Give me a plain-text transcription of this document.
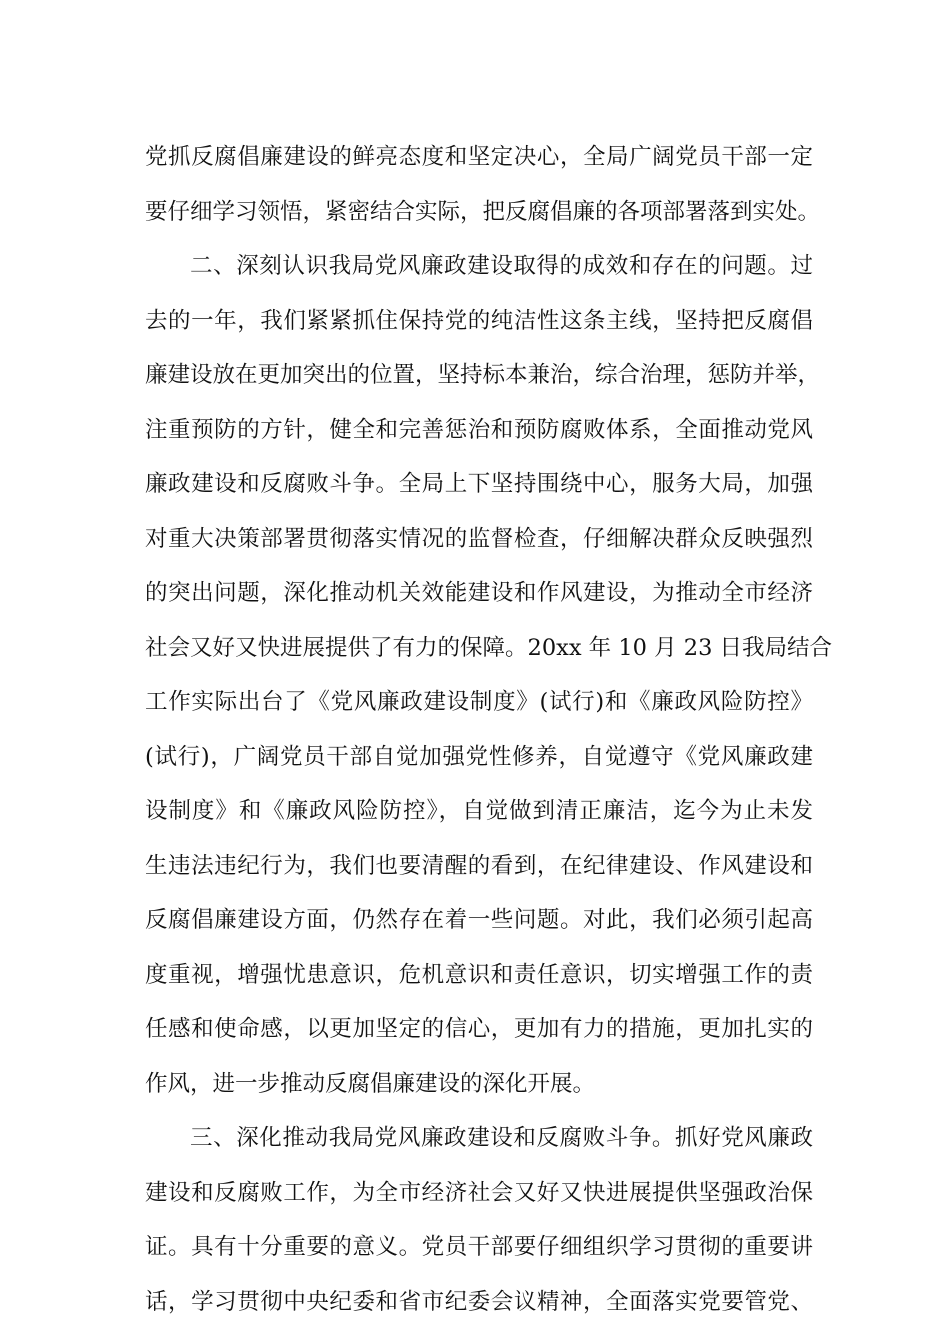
党抓反腐倡廉建设的鲜亮态度和坚定决心，全局广阔党员干部一定
要仔细学习领悟，紧密结合实际，把反腐倡廉的各项部署落到实处。
二、深刻认识我局党风廉政建设取得的成效和存在的问题。过
去的一年，我们紧紧抓住保持党的纯洁性这条主线，坚持把反腐倡
廉建设放在更加突出的位置，坚持标本兼治，综合治理，惩防并举，
注重预防的方针，健全和完善惩治和预防腐败体系，全面推动党风
廉政建设和反腐败斗争。全局上下坚持围绕中心，服务大局，加强
对重大决策部署贯彻落实情况的监督检查，仔细解决群众反映强烈
的突出问题，深化推动机关效能建设和作风建设，为推动全市经济
社会又好又快进展提供了有力的保障。20xx 年 10 月 23 日我局结合
工作实际出台了《党风廉政建设制度》(试行)和《廉政风险防控》
(试行)，广阔党员干部自觉加强党性修养，自觉遵守《党风廉政建
设制度》和《廉政风险防控》，自觉做到清正廉洁，迄今为止未发
生违法违纪行为，我们也要清醒的看到，在纪律建设、作风建设和
反腐倡廉建设方面，仍然存在着一些问题。对此，我们必须引起高
度重视，增强忧患意识，危机意识和责任意识，切实增强工作的责
任感和使命感，以更加坚定的信心，更加有力的措施，更加扎实的
作风，进一步推动反腐倡廉建设的深化开展。
三、深化推动我局党风廉政建设和反腐败斗争。抓好党风廉政
建设和反腐败工作，为全市经济社会又好又快进展提供坚强政治保
证。具有十分重要的意义。党员干部要仔细组织学习贯彻的重要讲
话，学习贯彻中央纪委和省市纪委会议精神，全面落实党要管党、
